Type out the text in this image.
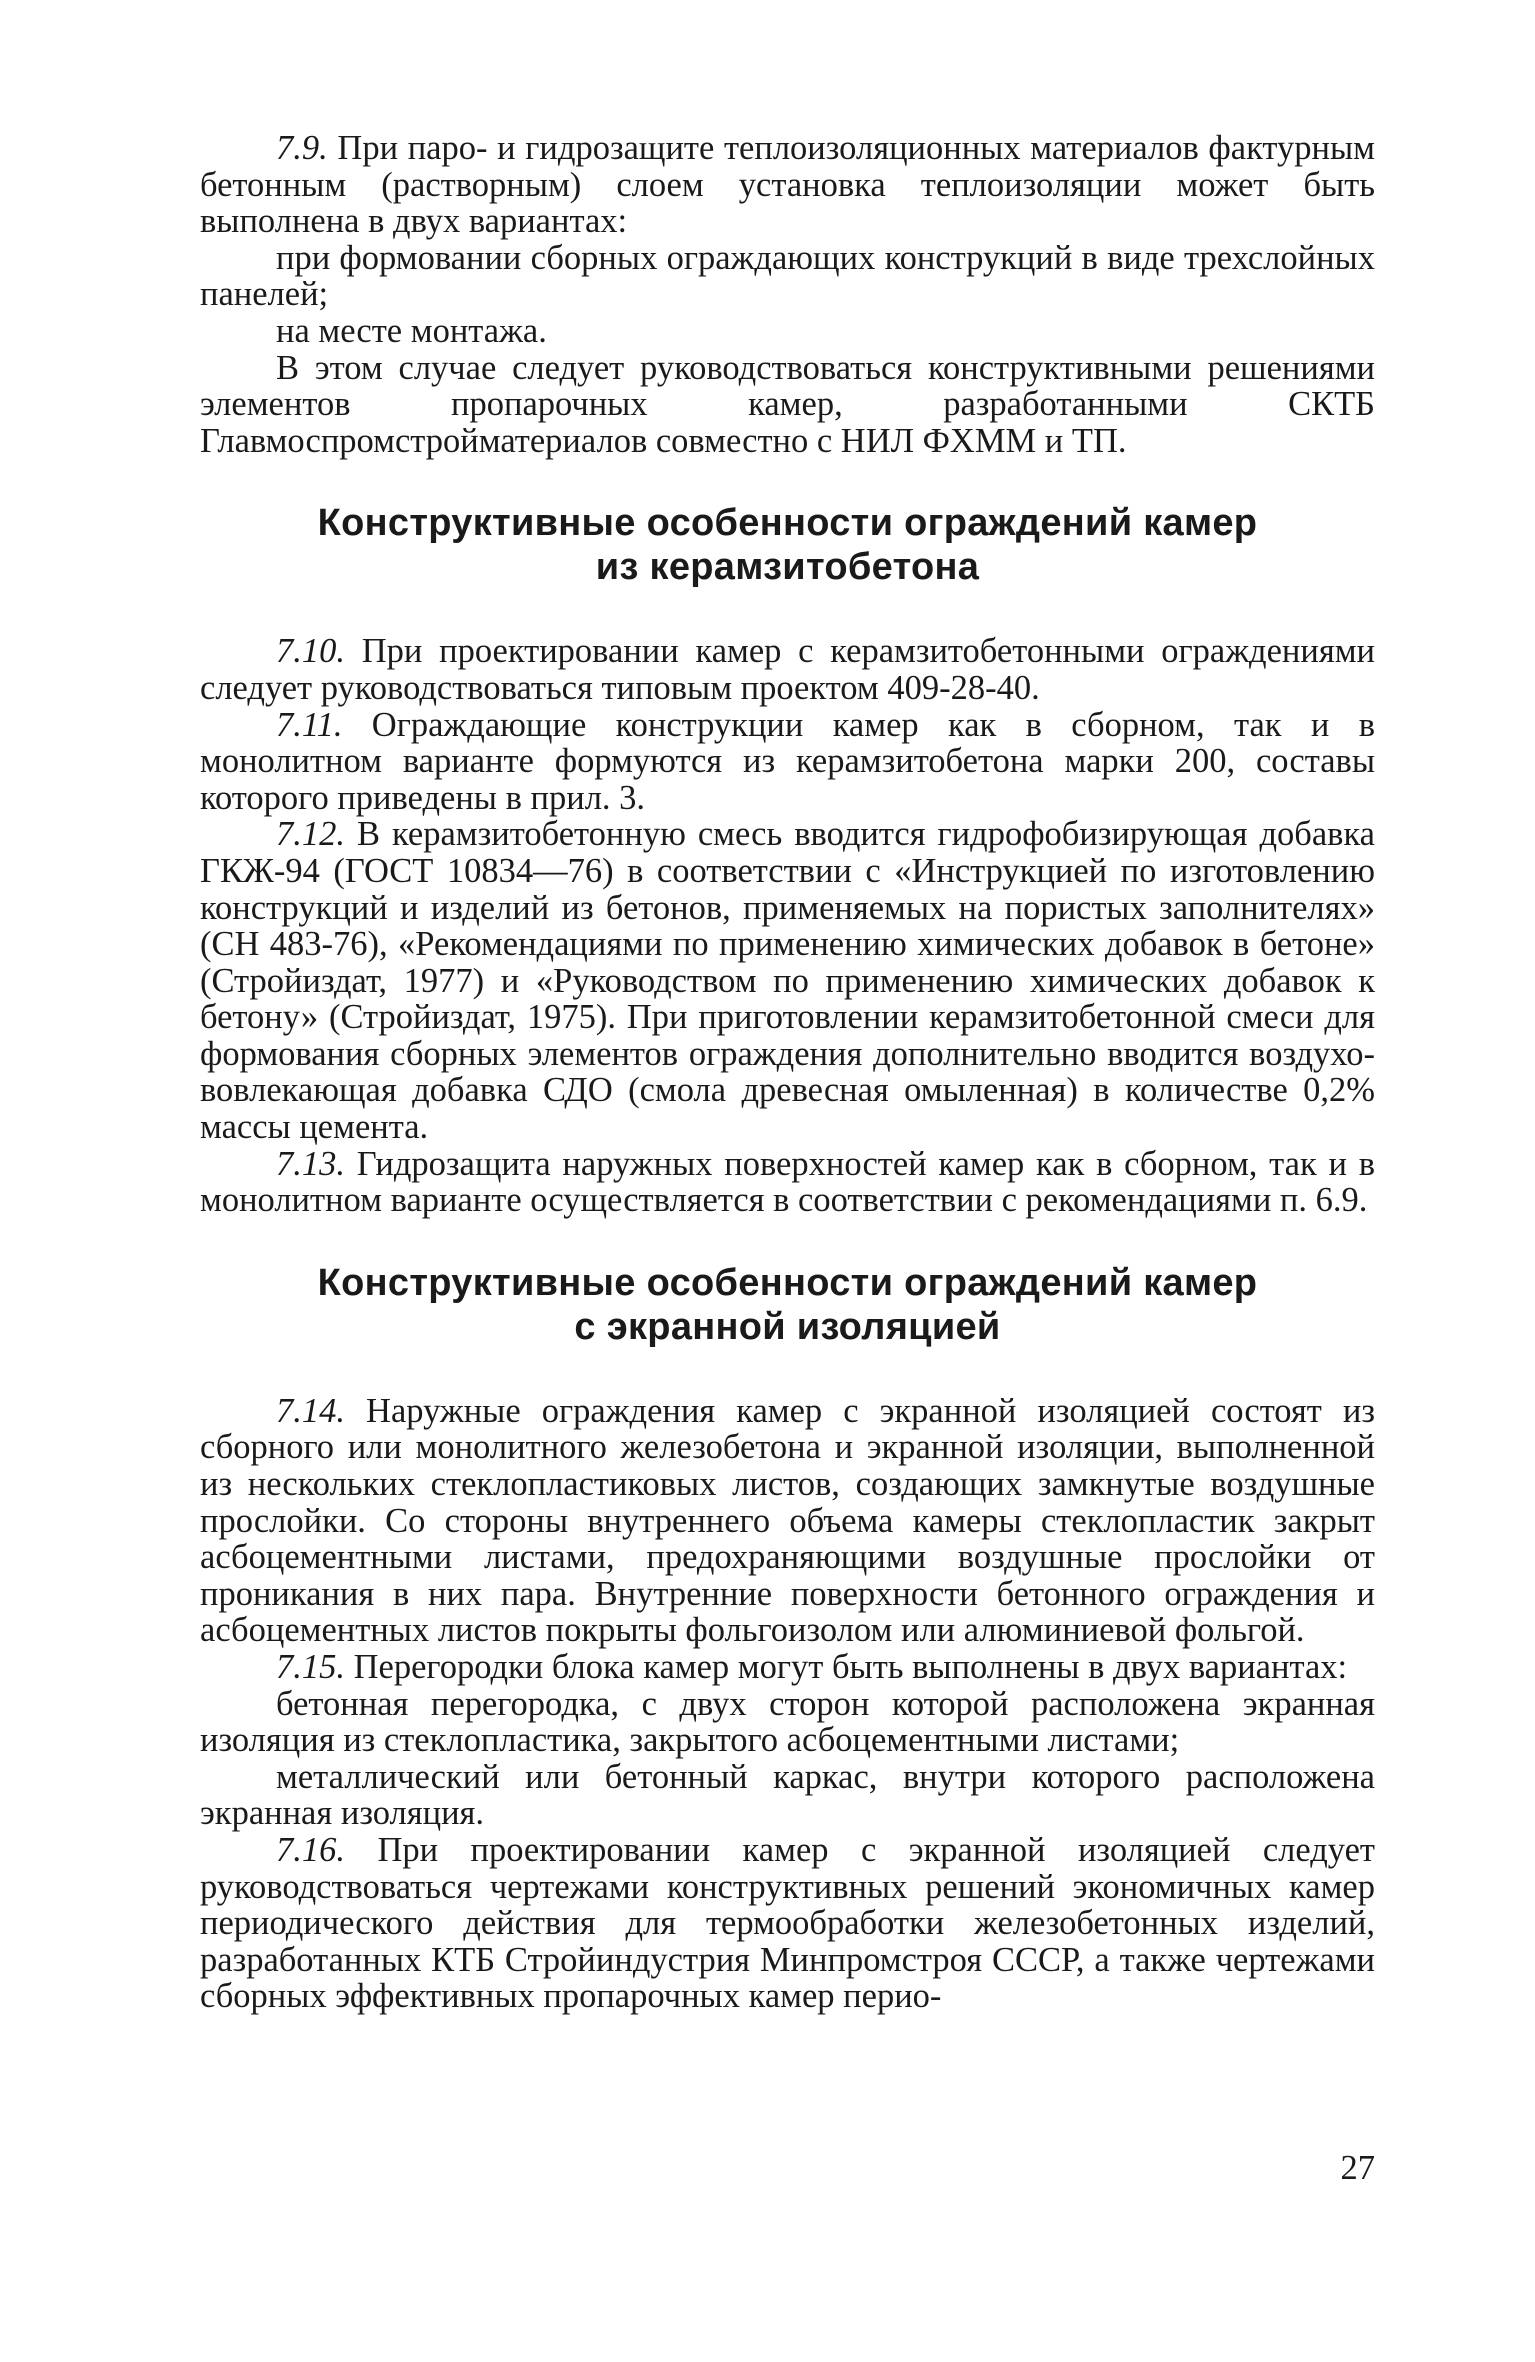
7.9. При паро- и гидрозащите теплоизоляционных материалов фактурным бетонным (растворным) слоем установка теплоизоляции может быть выполнена в двух вариантах:

при формовании сборных ограждающих конструкций в виде трехслойных панелей;

на месте монтажа.

В этом случае следует руководствоваться конструктивными решениями элементов пропарочных камер, разработанными СКТБ Главмоспромстройматериалов совместно с НИЛ ФХММ и ТП.

Конструктивные особенности ограждений камер
из керамзитобетона

7.10. При проектировании камер с керамзитобетонными ограждениями следует руководствоваться типовым проектом 409-28-40.

7.11. Ограждающие конструкции камер как в сборном, так и в монолитном варианте формуются из керамзитобетона марки 200, составы которого приведены в прил. 3.

7.12. В керамзитобетонную смесь вводится гидрофобизирующая добавка ГКЖ-94 (ГОСТ 10834—76) в соответствии с «Инструкцией по изготовлению конструкций и изделий из бетонов, применяемых на пористых заполнителях» (СН 483-76), «Рекомендациями по применению химических добавок в бетоне» (Стройиздат, 1977) и «Руководством по применению химических добавок к бетону» (Стройиздат, 1975). При приготовлении керамзитобетонной смеси для формования сборных элементов ограждения дополнительно вводится воздухововлекающая добавка СДО (смола древесная омыленная) в количестве 0,2% массы цемента.

7.13. Гидрозащита наружных поверхностей камер как в сборном, так и в монолитном варианте осуществляется в соответствии с рекомендациями п. 6.9.

Конструктивные особенности ограждений камер
с экранной изоляцией

7.14. Наружные ограждения камер с экранной изоляцией состоят из сборного или монолитного железобетона и экранной изоляции, выполненной из нескольких стеклопластиковых листов, создающих замкнутые воздушные прослойки. Со стороны внутреннего объема камеры стеклопластик закрыт асбоцементными листами, предохраняющими воздушные прослойки от проникания в них пара. Внутренние поверхности бетонного ограждения и асбоцементных листов покрыты фольгоизолом или алюминиевой фольгой.

7.15. Перегородки блока камер могут быть выполнены в двух вариантах:

бетонная перегородка, с двух сторон которой расположена экранная изоляция из стеклопластика, закрытого асбоцементными листами;

металлический или бетонный каркас, внутри которого расположена экранная изоляция.

7.16. При проектировании камер с экранной изоляцией следует руководствоваться чертежами конструктивных решений экономичных камер периодического действия для термообработки железобетонных изделий, разработанных КТБ Стройиндустрия Минпромстроя СССР, а также чертежами сборных эффективных пропарочных камер перио-

27
